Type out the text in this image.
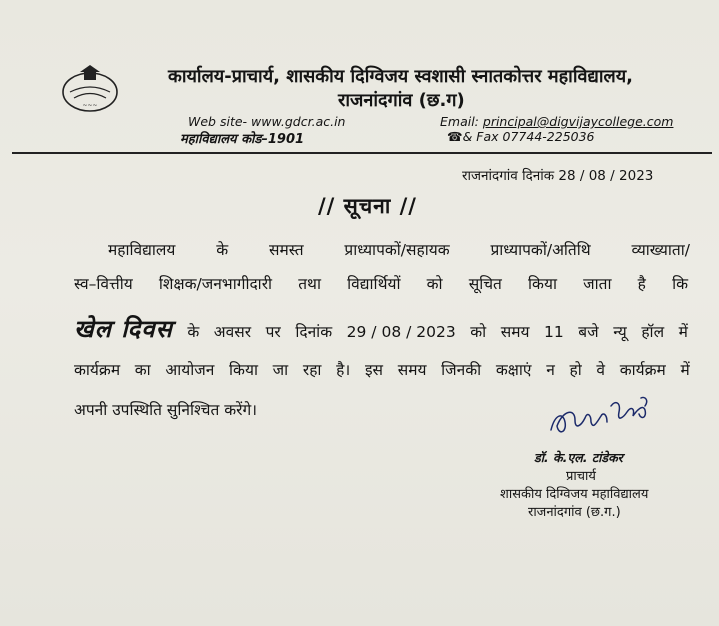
~~~
कार्यालय-प्राचार्य, शासकीय दिग्विजय स्वशासी स्नातकोत्तर महाविद्यालय,
राजनांदगांव (छ.ग)
Web site- www.gdcr.ac.in
महाविद्यालय कोड–1901
Email: principal@digvijaycollege.com
☎& Fax 07744-225036
राजनांदगांव दिनांक 28 / 08 / 2023
// सूचना //
महाविद्यालय	के	समस्त	प्राध्यापकों/सहायक	प्राध्यापकों/अतिथि	व्याख्याता/
स्व–वित्तीय शिक्षक/जनभागीदारी तथा विद्यार्थियों को सूचित किया जाता है कि
खेल दिवस के अवसर पर दिनांक 29 / 08 / 2023 को समय 11 बजे न्यू हॉल में
कार्यक्रम का आयोजन किया जा रहा है। इस समय जिनकी कक्षाएं न हो वे कार्यक्रम में
अपनी उपस्थिति सुनिश्चित करेंगे।
डॉ. के.एल. टांडेकर
प्राचार्य
शासकीय दिग्विजय महाविद्यालय
राजनांदगांव (छ.ग.)
